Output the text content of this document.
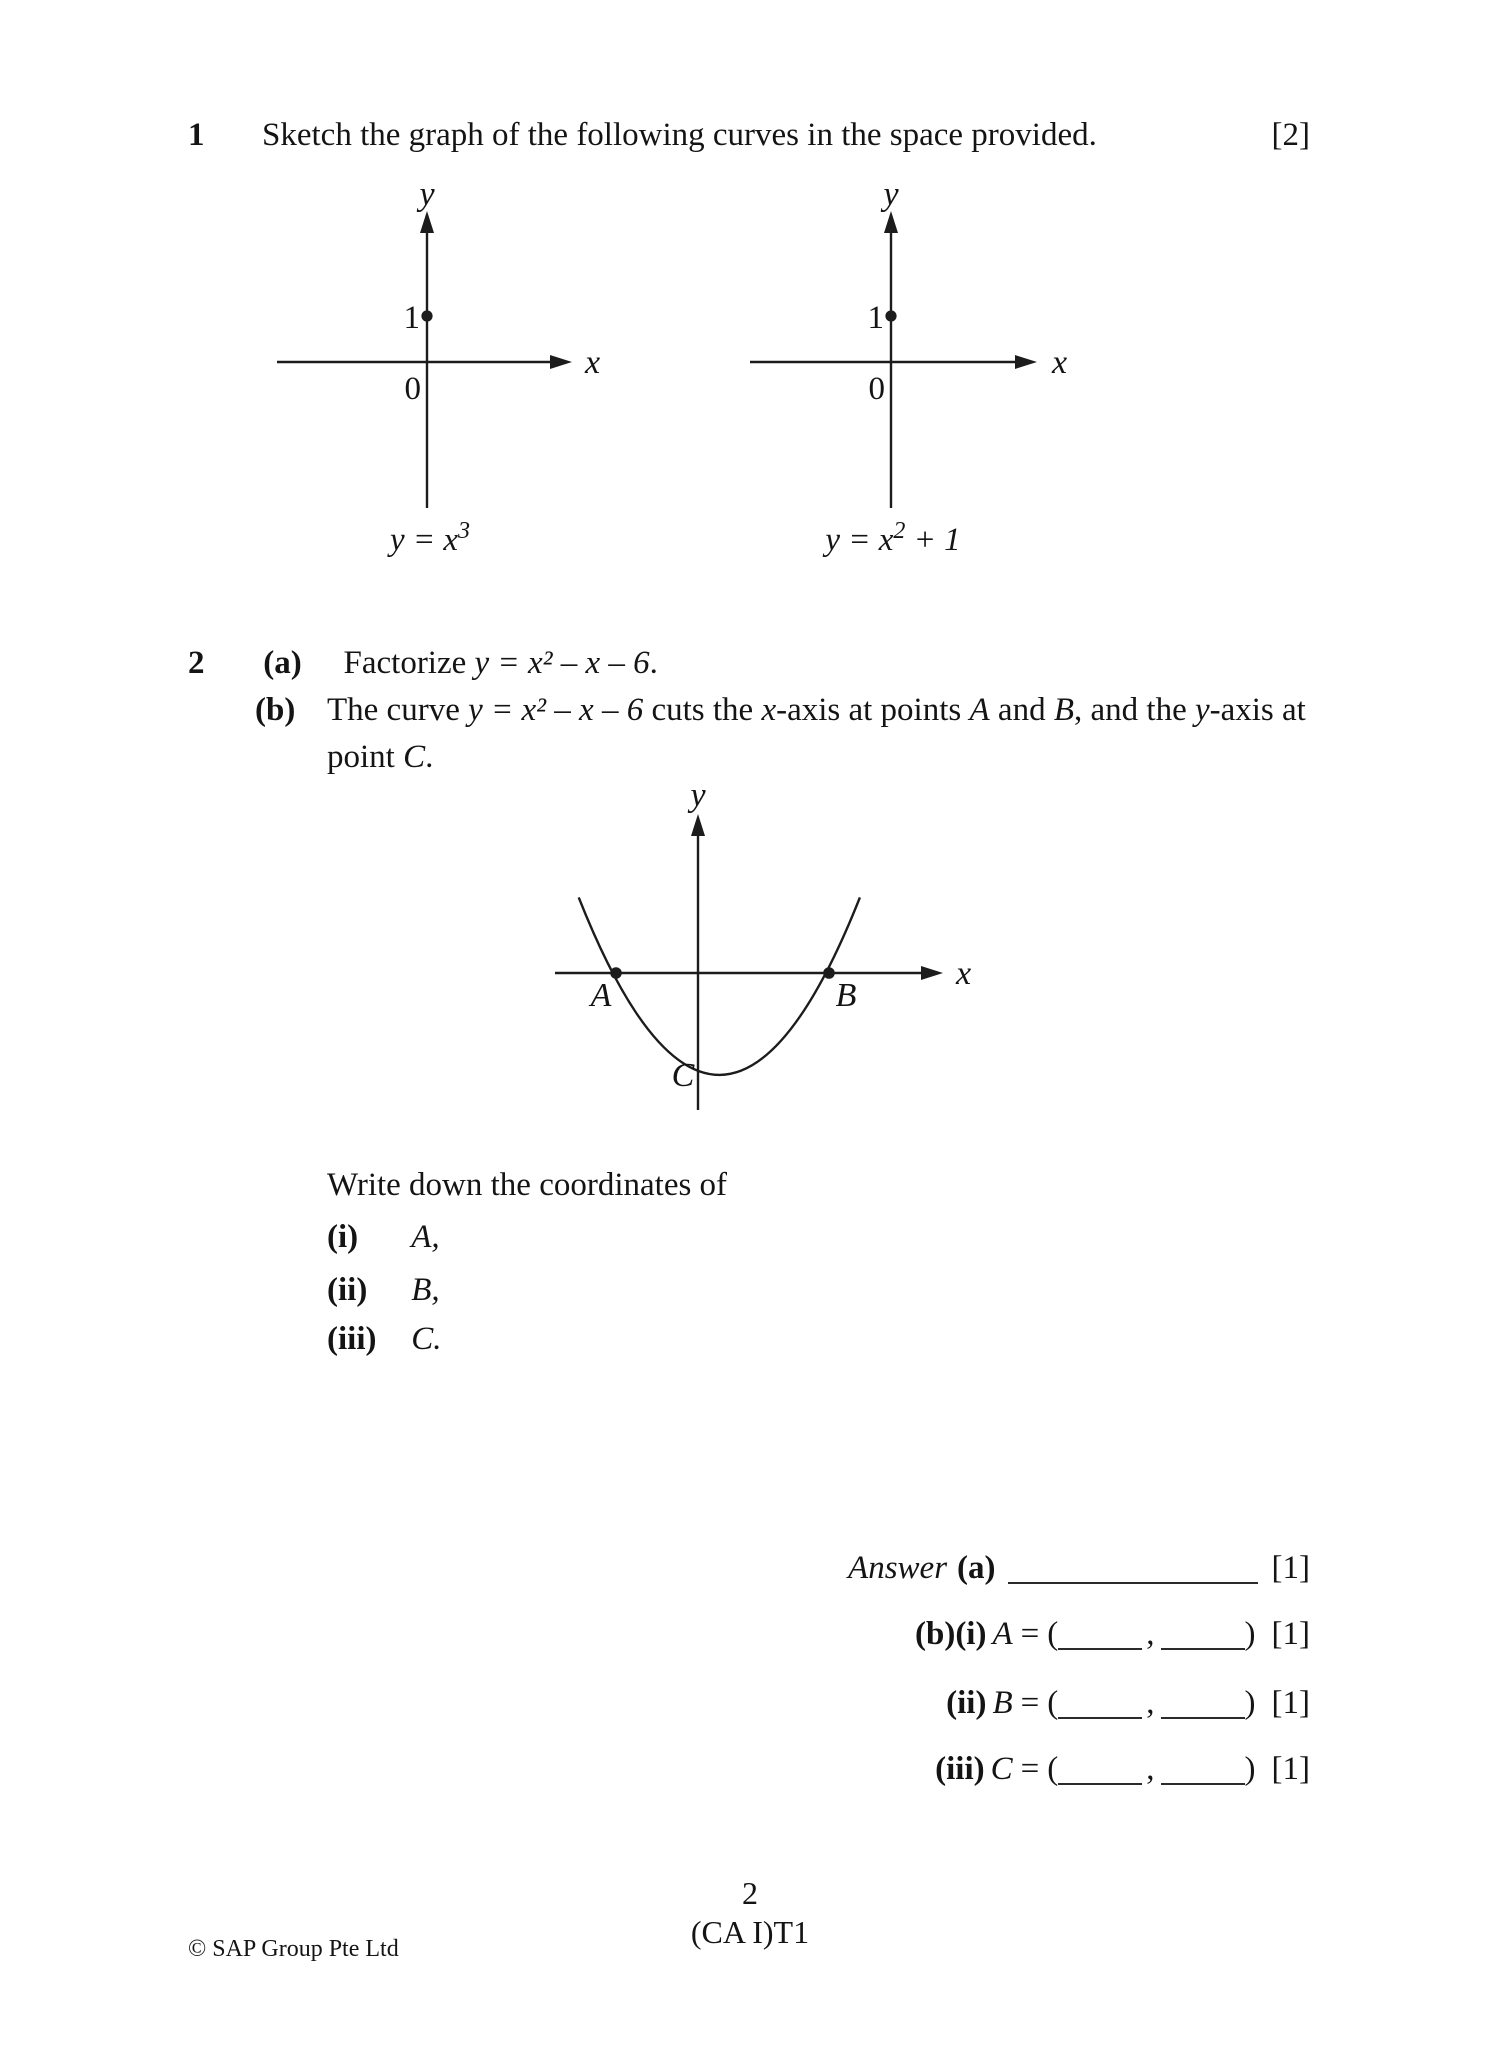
1	Sketch the graph of the following curves in the space provided.	[2]
y
x
1
0
$y = x^3$
y
x
1
0
$y = x^2 + 1$
2 (a) Factorize y = x² – x – 6.
(b) The curve y = x² – x – 6 cuts the x-axis at points A and B, and the y-axis at
point C.
y
x
A	B
C
Write down the coordinates of
(i) A,
(ii) B,
(iii) C.
Answer (a)	[1]
(b)(i) A = (	,	) [1]
(ii) B = (	,	) [1]
(iii) C = (	,	) [1]
2
(CA I)T1
© SAP Group Pte Ltd
